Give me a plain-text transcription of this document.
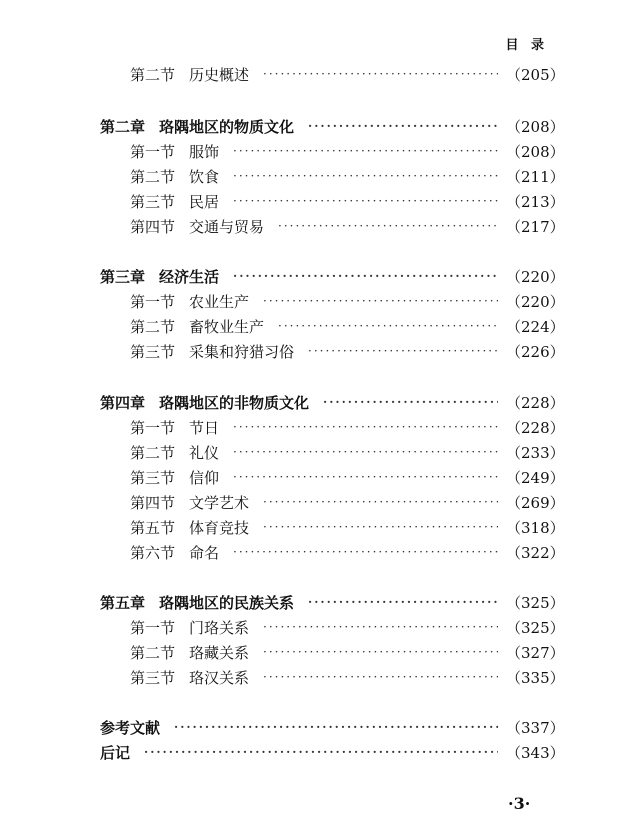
目 录
第二节 历史概述 ·····	（205）
第二章 珞隅地区的物质文化 ·····	（208）
第一节 服饰 ·····	（208）
第二节 饮食 ·····	（211）
第三节 民居 ·····	（213）
第四节 交通与贸易 ·····	（217）
第三章 经济生活 ·····	（220）
第一节 农业生产 ·····	（220）
第二节 畜牧业生产 ·····	（224）
第三节 采集和狩猎习俗 ·····	（226）
第四章 珞隅地区的非物质文化 ·····	（228）
第一节 节日 ·····	（228）
第二节 礼仪 ·····	（233）
第三节 信仰 ·····	（249）
第四节 文学艺术 ·····	（269）
第五节 体育竞技 ·····	（318）
第六节 命名 ·····	（322）
第五章 珞隅地区的民族关系 ·····	（325）
第一节 门珞关系 ·····	（325）
第二节 珞藏关系 ·····	（327）
第三节 珞汉关系 ·····	（335）
参考文献 ·····	（337）
后记 ·····	（343）
·3·
